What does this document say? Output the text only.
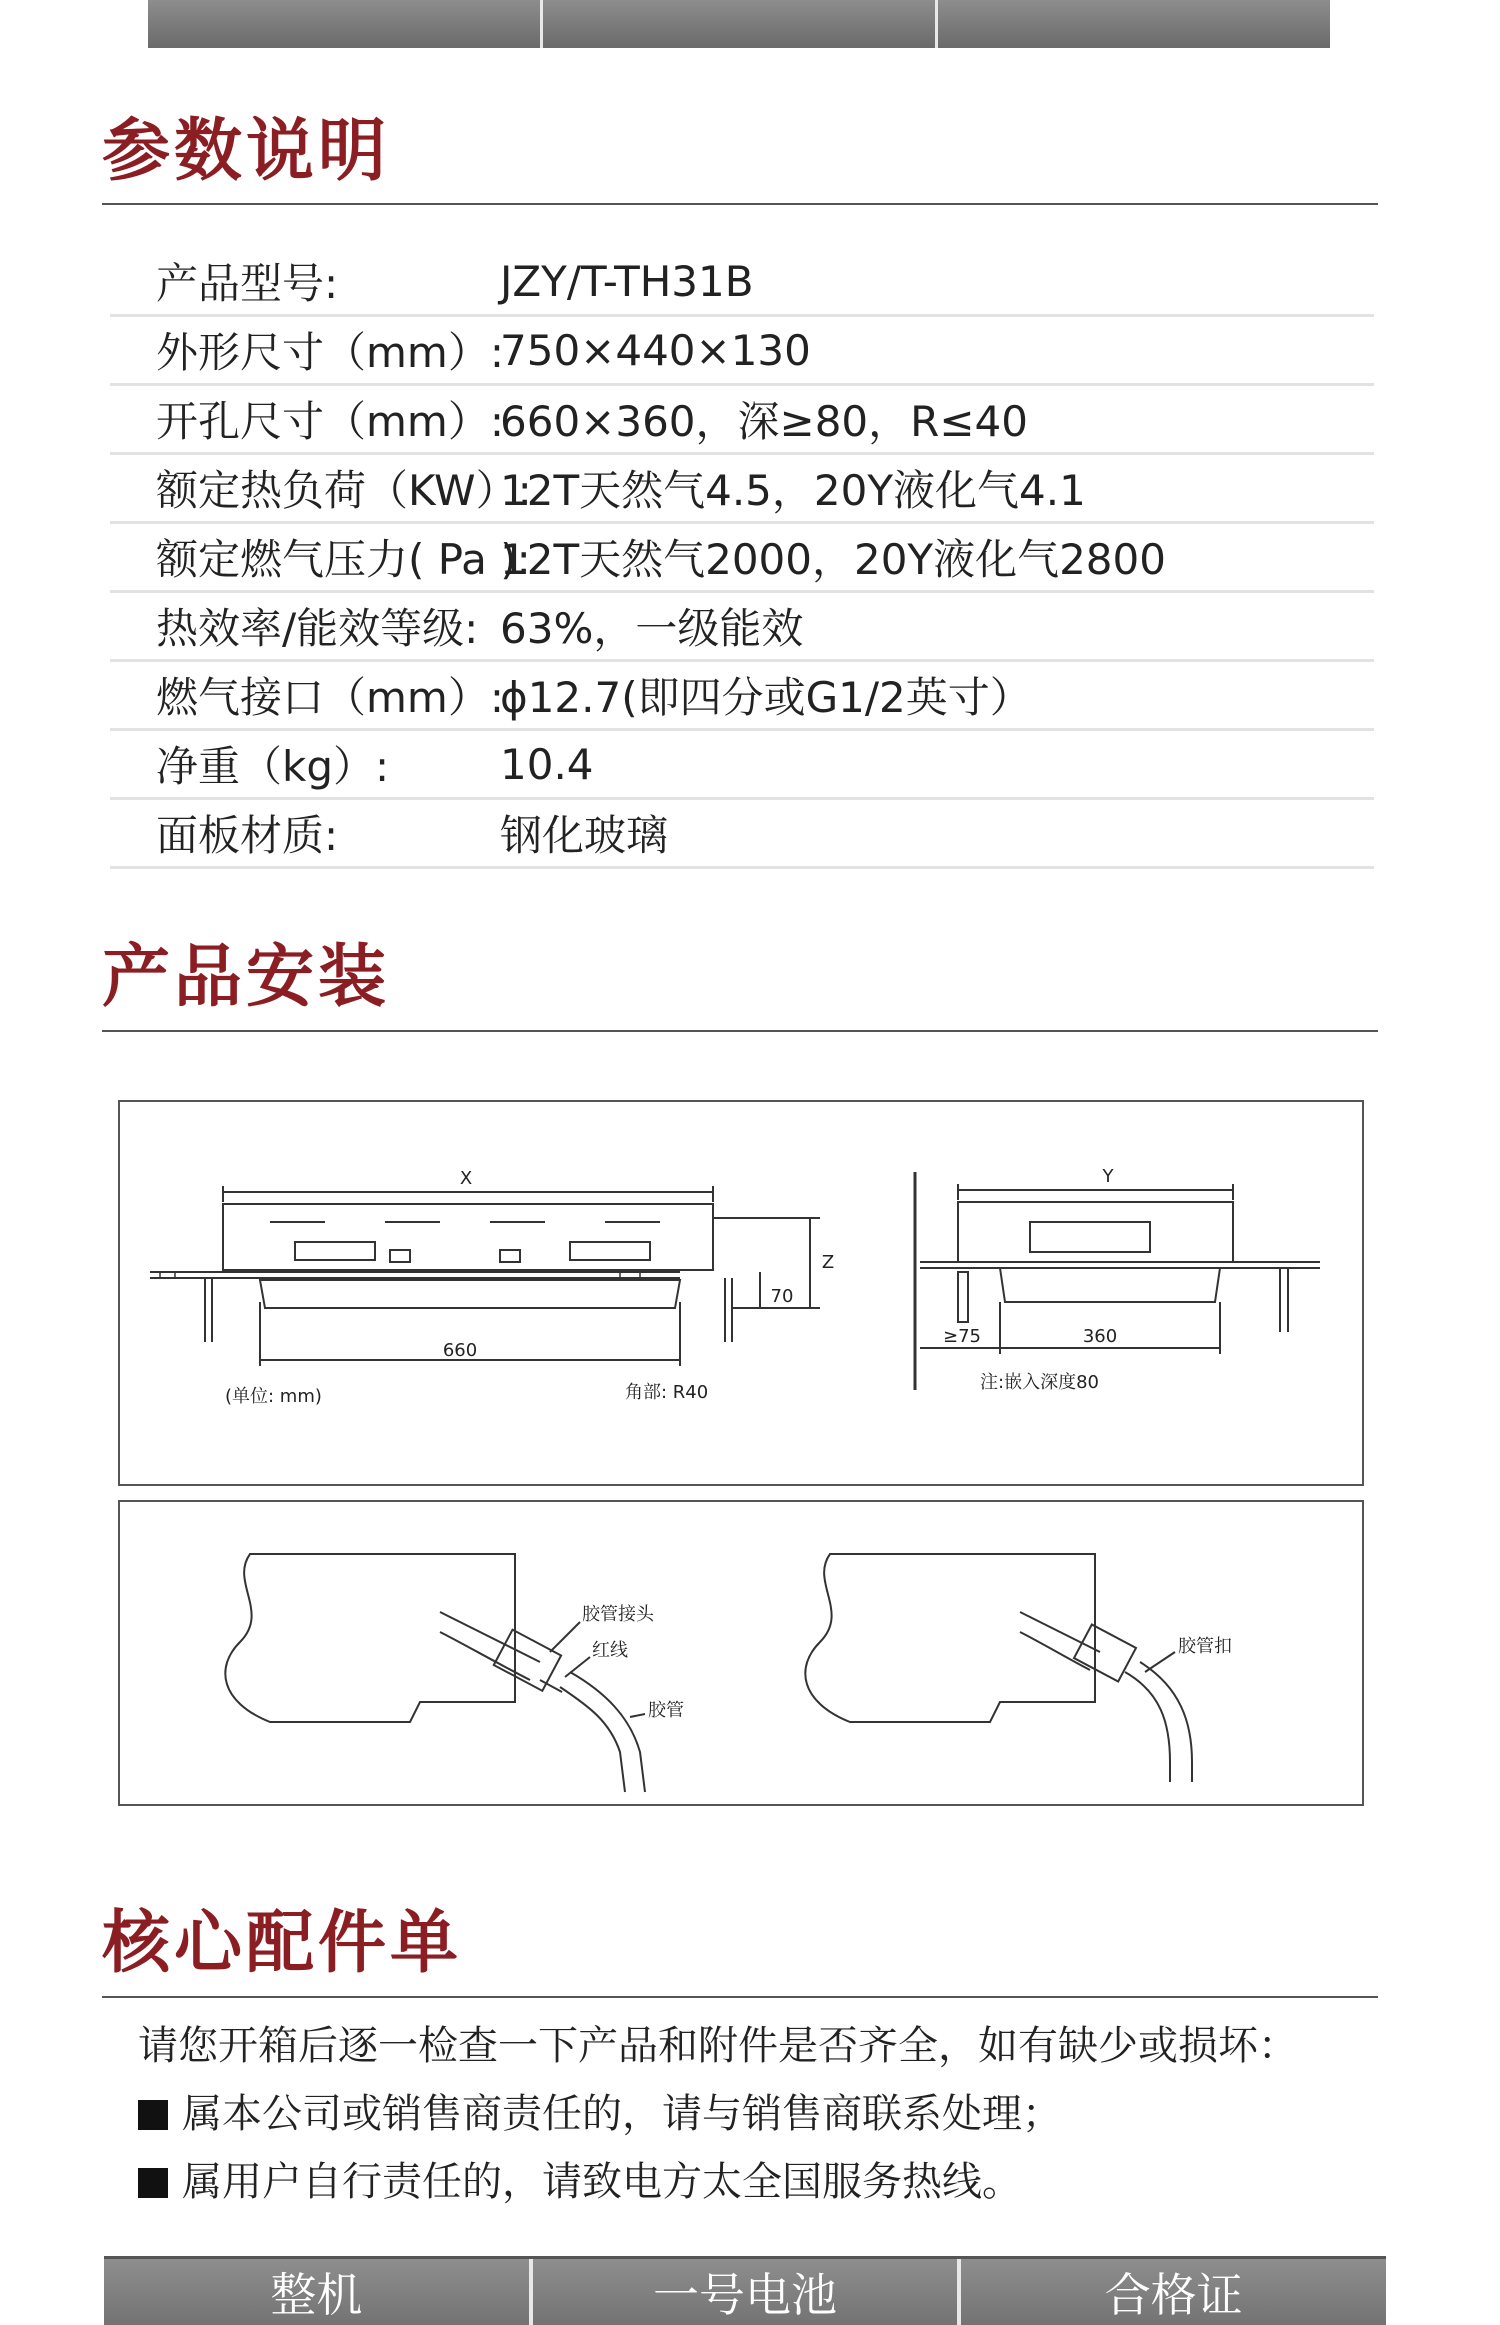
参数说明
产品型号:	JZY/T-TH31B
外形尺寸（mm）:
750×440×130
开孔尺寸（mm）:
660×360，深≥80，R≤40
额定热负荷（KW）:
12T天然气4.5，20Y液化气4.1
额定燃气压力( Pa ):
12T天然气2000，20Y液化气2800
热效率/能效等级: 63%，一级能效
燃气接口（mm）:
ϕ12.7(即四分或G1/2英寸）
净重（kg）:	10.4
面板材质:	钢化玻璃
产品安装
X
660
70
Z
(单位: mm)	角部: R40
Y
≥75	360
注:嵌入深度80
胶管接头
红线
胶管
胶管扣
核心配件单
请您开箱后逐一检查一下产品和附件是否齐全，如有缺少或损坏：
属本公司或销售商责任的，请与销售商联系处理；
属用户自行责任的，请致电方太全国服务热线。
整机	一号电池	合格证
